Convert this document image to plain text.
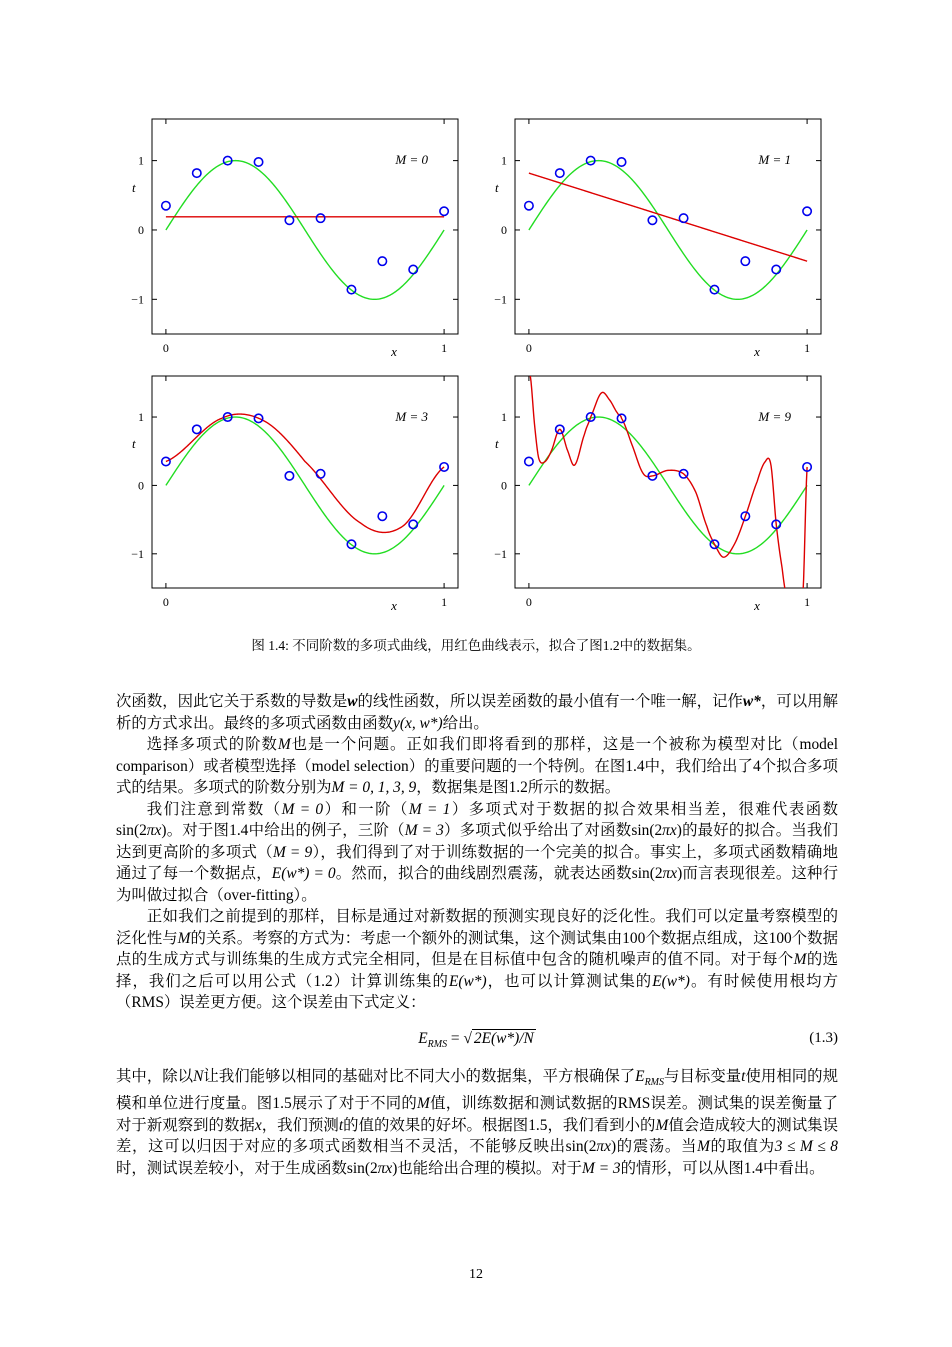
1
0
−1
0	1
t
x
M = 0	1
0
−1
0	1
t
x
M = 1
1
0
−1
0	1
t
x
M = 3	1
0
−1
0	1
t
x
M = 9
图 1.4: 不同阶数的多项式曲线，用红色曲线表示，拟合了图1.2中的数据集。

次函数，因此它关于系数的导数是w的线性函数，所以误差函数的最小值有一个唯一解，记作w*，可以用解析的方式求出。最终的多项式函数由函数y(x, w*)给出。

选择多项式的阶数M也是一个问题。正如我们即将看到的那样，这是一个被称为模型对比（model comparison）或者模型选择（model selection）的重要问题的一个特例。在图1.4中，我们给出了4个拟合多项式的结果。多项式的阶数分别为M = 0, 1, 3, 9，数据集是图1.2所示的数据。

我们注意到常数（M = 0）和一阶（M = 1）多项式对于数据的拟合效果相当差，很难代表函数sin(2πx)。对于图1.4中给出的例子，三阶（M = 3）多项式似乎给出了对函数sin(2πx)的最好的拟合。当我们达到更高阶的多项式（M = 9），我们得到了对于训练数据的一个完美的拟合。事实上，多项式函数精确地通过了每一个数据点，E(w*) = 0。然而，拟合的曲线剧烈震荡，就表达函数sin(2πx)而言表现很差。这种行为叫做过拟合（over-fitting）。

正如我们之前提到的那样，目标是通过对新数据的预测实现良好的泛化性。我们可以定量考察模型的泛化性与M的关系。考察的方式为：考虑一个额外的测试集，这个测试集由100个数据点组成，这100个数据点的生成方式与训练集的生成方式完全相同，但是在目标值中包含的随机噪声的值不同。对于每个M的选择，我们之后可以用公式（1.2）计算训练集的E(w*)，也可以计算测试集的E(w*)。有时候使用根均方（RMS）误差更方便。这个误差由下式定义：

$E_{RMS}$ = √ 2E(w*)/N	(1.3)

其中，除以N让我们能够以相同的基础对比不同大小的数据集，平方根确保了$E_{RMS}$与目标变量t使用相同的规模和单位进行度量。图1.5展示了对于不同的M值，训练数据和测试数据的RMS误差。测试集的误差衡量了对于新观察到的数据x，我们预测t的值的效果的好坏。根据图1.5，我们看到小的M值会造成较大的测试集误差，这可以归因于对应的多项式函数相当不灵活，不能够反映出sin(2πx)的震荡。当M的取值为3 ≤ M ≤ 8时，测试误差较小，对于生成函数sin(2πx)也能给出合理的模拟。对于M = 3的情形，可以从图1.4中看出。

12
